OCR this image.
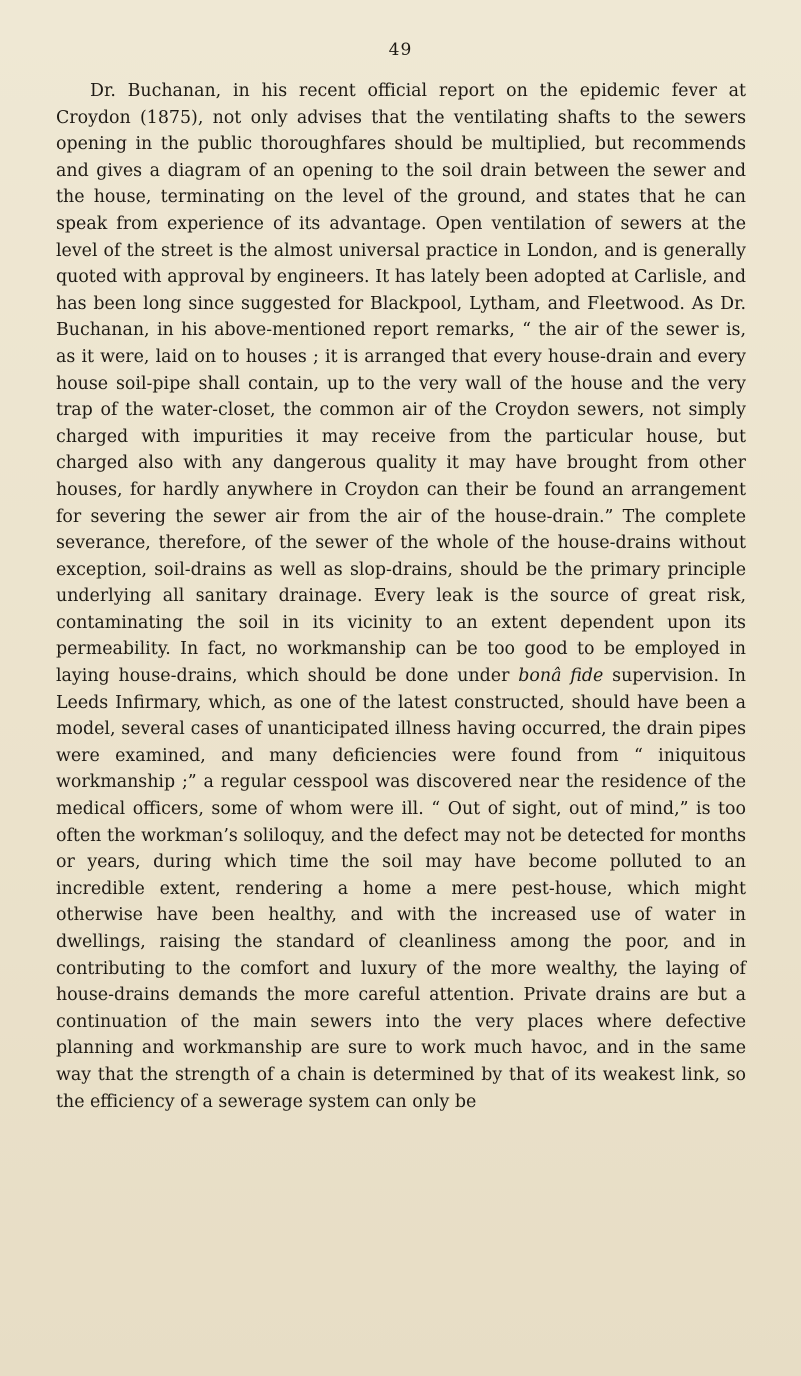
49

Dr. Buchanan, in his recent official report on the epidemic fever at Croydon (1875), not only advises that the ventilating shafts to the sewers opening in the public thoroughfares should be multiplied, but recommends and gives a diagram of an opening to the soil drain between the sewer and the house, terminating on the level of the ground, and states that he can speak from experience of its advantage. Open ventilation of sewers at the level of the street is the almost universal practice in London, and is generally quoted with approval by engineers. It has lately been adopted at Carlisle, and has been long since suggested for Blackpool, Lytham, and Fleetwood. As Dr. Buchanan, in his above-mentioned report remarks, “ the air of the sewer is, as it were, laid on to houses ; it is arranged that every house-drain and every house soil-pipe shall contain, up to the very wall of the house and the very trap of the water-closet, the common air of the Croydon sewers, not simply charged with impurities it may receive from the particular house, but charged also with any dangerous quality it may have brought from other houses, for hardly anywhere in Croydon can their be found an arrangement for severing the sewer air from the air of the house-drain.” The complete severance, therefore, of the sewer of the whole of the house-drains without exception, soil-drains as well as slop-drains, should be the primary principle underlying all sanitary drainage. Every leak is the source of great risk, contaminating the soil in its vicinity to an extent dependent upon its permeability. In fact, no workmanship can be too good to be employed in laying house-drains, which should be done under bonâ fide supervision. In Leeds Infirmary, which, as one of the latest constructed, should have been a model, several cases of unanticipated illness having occurred, the drain pipes were examined, and many deficiencies were found from “ iniquitous workmanship ;” a regular cesspool was discovered near the residence of the medical officers, some of whom were ill. “ Out of sight, out of mind,” is too often the workman’s soliloquy, and the defect may not be detected for months or years, during which time the soil may have become polluted to an incredible extent, rendering a home a mere pest-house, which might otherwise have been healthy, and with the increased use of water in dwellings, raising the standard of cleanliness among the poor, and in contributing to the comfort and luxury of the more wealthy, the laying of house-drains demands the more careful attention. Private drains are but a continuation of the main sewers into the very places where defective planning and workmanship are sure to work much havoc, and in the same way that the strength of a chain is determined by that of its weakest link, so the efficiency of a sewerage system can only be
